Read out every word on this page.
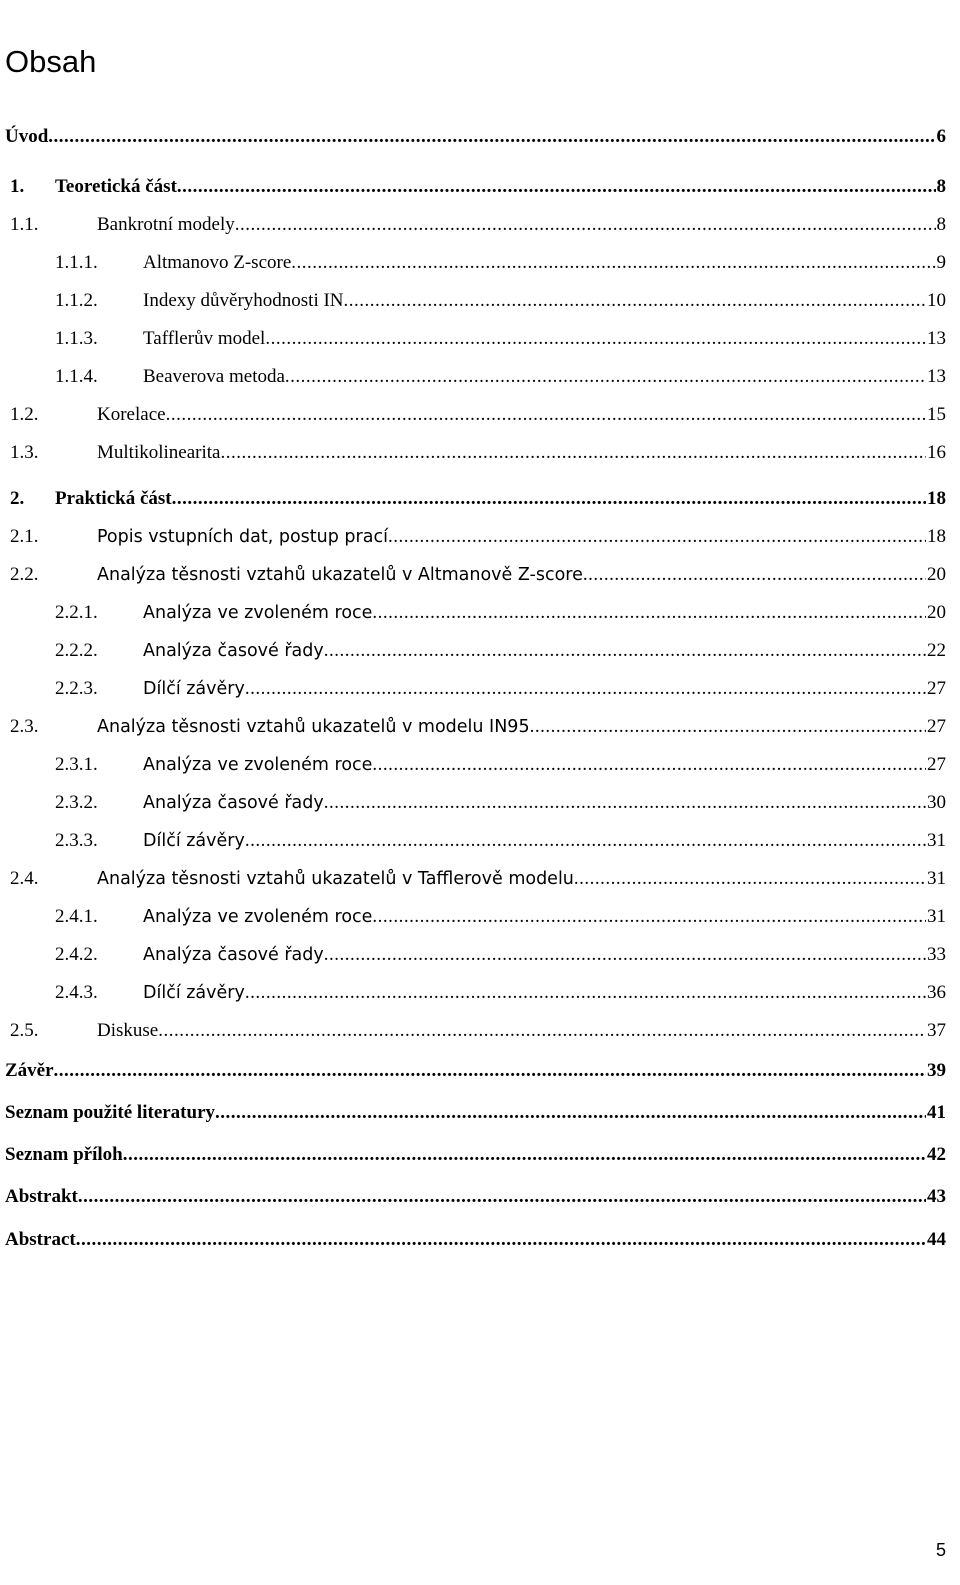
Obsah
Úvod .....	6
1. Teoretická část .....	8
1.1.	Bankrotní modely .....	8
1.1.1. Altmanovo Z-score .....	9
1.1.2. Indexy důvěryhodnosti IN .....	10
1.1.3. Tafflerův model .....	13
1.1.4. Beaverova metoda .....	13
1.2.	Korelace .....	15
1.3.	Multikolinearita .....	16
2. Praktická část .....	18
2.1.	Popis vstupních dat, postup prací .....	18
2.2.	Analýza těsnosti vztahů ukazatelů v Altmanově Z-score .....	20
2.2.1.	Analýza ve zvoleném roce .....	20
2.2.2.	Analýza časové řady .....	22
2.2.3.	Dílčí závěry .....	27
2.3.	Analýza těsnosti vztahů ukazatelů v modelu IN95 .....	27
2.3.1.	Analýza ve zvoleném roce .....	27
2.3.2.	Analýza časové řady .....	30
2.3.3.	Dílčí závěry .....	31
2.4.	Analýza těsnosti vztahů ukazatelů v Tafflerově modelu .....	31
2.4.1.	Analýza ve zvoleném roce .....	31
2.4.2.	Analýza časové řady .....	33
2.4.3.	Dílčí závěry .....	36
2.5.	Diskuse .....	37
Závěr .....	39
Seznam použité literatury .....	41
Seznam příloh .....	42
Abstrakt .....	43
Abstract .....	44
5
